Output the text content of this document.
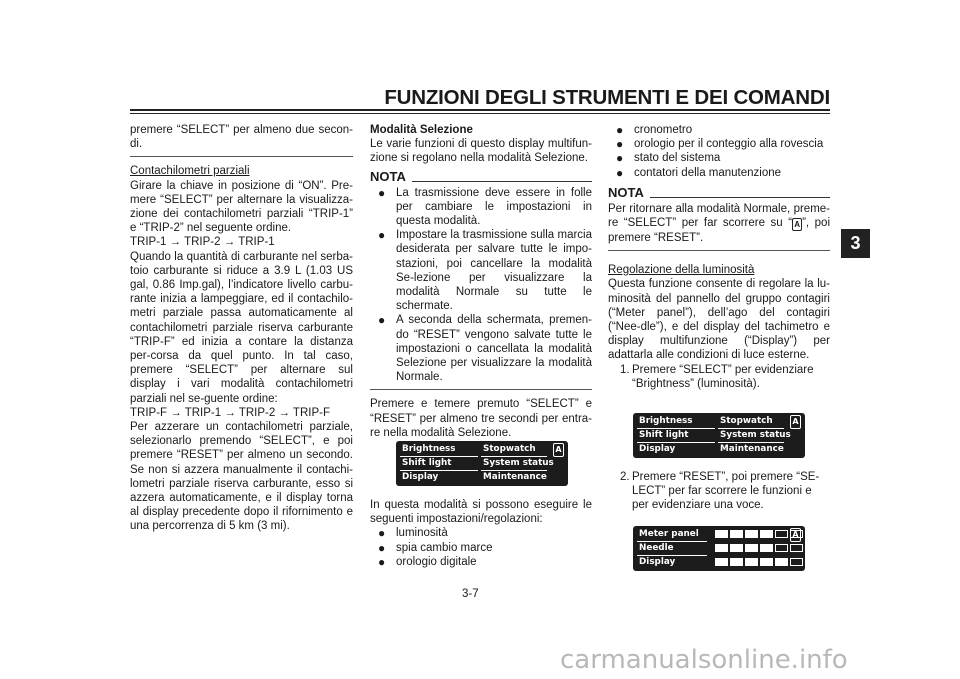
FUNZIONI DEGLI STRUMENTI E DEI COMANDI
3

premere “SELECT” per almeno due secon-di.

Contachilometri parziali

Girare la chiave in posizione di “ON”. Pre-mere “SELECT” per alternare la visualizza-zione dei contachilometri parziali “TRIP-1” e “TRIP-2” nel seguente ordine.

TRIP-1 → TRIP-2 → TRIP-1

Quando la quantità di carburante nel serba-toio carburante si riduce a 3.9 L (1.03 US gal, 0.86 Imp.gal), l’indicatore livello carbu-rante inizia a lampeggiare, ed il contachilo-metri parziale passa automaticamente al contachilometri parziale riserva carburante “TRIP-F” ed inizia a contare la distanza per-corsa da quel punto. In tal caso, premere “SELECT” per alternare sul display i vari modalità contachilometri parziali nel se-guente ordine:

TRIP-F → TRIP-1 → TRIP-2 → TRIP-F

Per azzerare un contachilometri parziale, selezionarlo premendo “SELECT”, e poi premere “RESET” per almeno un secondo. Se non si azzera manualmente il contachi-lometri parziale riserva carburante, esso si azzera automaticamente, e il display torna al display precedente dopo il rifornimento e una percorrenza di 5 km (3 mi).

Modalità Selezione

Le varie funzioni di questo display multifun-zione si regolano nella modalità Selezione.

NOTA

● La trasmissione deve essere in folle per cambiare le impostazioni in questa modalità.

● Impostare la trasmissione sulla marcia desiderata per salvare tutte le impo-stazioni, poi cancellare la modalità Se-lezione per visualizzare la modalità Normale su tutte le schermate.

● A seconda della schermata, premen-do “RESET” vengono salvate tutte le impostazioni o cancellata la modalità Selezione per visualizzare la modalità Normale.

Premere e temere premuto “SELECT” e “RESET” per almeno tre secondi per entra-re nella modalità Selezione.

Brightness	Stopwatch A
Shift light	System status
Display	Maintenance

In questa modalità si possono eseguire le seguenti impostazioni/regolazioni:

● luminosità

● spia cambio marce

● orologio digitale

● cronometro

● orologio per il conteggio alla rovescia

● stato del sistema

● contatori della manutenzione

NOTA

Per ritornare alla modalità Normale, preme-re “SELECT” per far scorrere su “ A ”, poi premere “RESET”.

Regolazione della luminosità

Questa funzione consente di regolare la lu-minosità del pannello del gruppo contagiri (“Meter panel”), dell’ago del contagiri (“Nee-dle”), e del display del tachimetro e display multifunzione (“Display”) per adattarla alle condizioni di luce esterne.

1. Premere “SELECT” per evidenziare “Brightness” (luminosità).

Brightness	Stopwatch A
Shift light	System status
Display	Maintenance

2. Premere “RESET”, poi premere “SE-LECT” per far scorrere le funzioni e per evidenziare una voce.

Meter panel	A
Needle
Display
3-7
carmanualsonline.info
